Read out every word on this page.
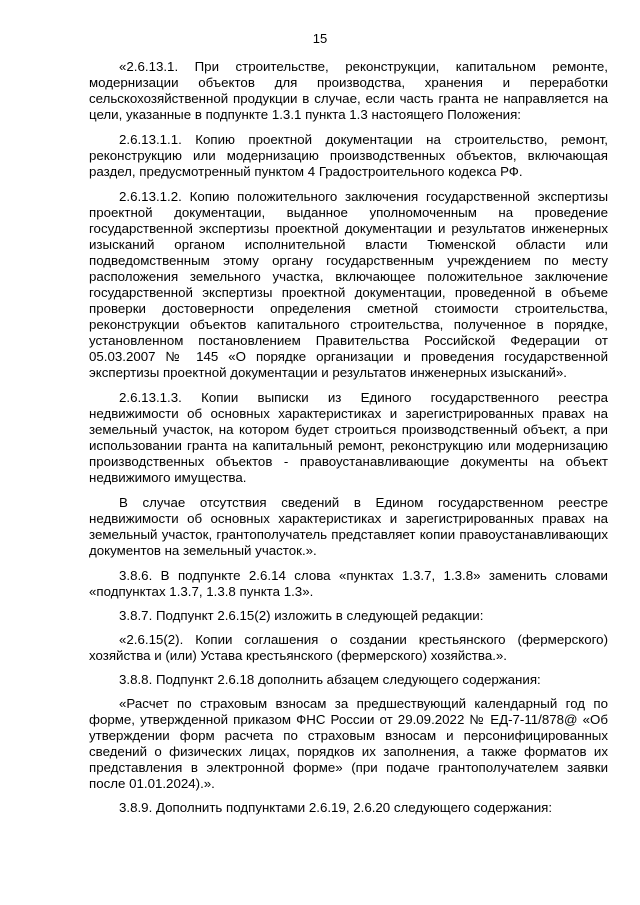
15

«2.6.13.1. При строительстве, реконструкции, капитальном ремонте, модернизации объектов для производства, хранения и переработки сельскохозяйственной продукции в случае, если часть гранта не направляется на цели, указанные в подпункте 1.3.1 пункта 1.3 настоящего Положения:

2.6.13.1.1. Копию проектной документации на строительство, ремонт, реконструкцию или модернизацию производственных объектов, включающая раздел, предусмотренный пунктом 4 Градостроительного кодекса РФ.

2.6.13.1.2. Копию положительного заключения государственной экспертизы проектной документации, выданное уполномоченным на проведение государственной экспертизы проектной документации и результатов инженерных изысканий органом исполнительной власти Тюменской области или подведомственным этому органу государственным учреждением по месту расположения земельного участка, включающее положительное заключение государственной экспертизы проектной документации, проведенной в объеме проверки достоверности определения сметной стоимости строительства, реконструкции объектов капитального строительства, полученное в порядке, установленном постановлением Правительства Российской Федерации от 05.03.2007 № 145 «О порядке организации и проведения государственной экспертизы проектной документации и результатов инженерных изысканий».

2.6.13.1.3. Копии выписки из Единого государственного реестра недвижимости об основных характеристиках и зарегистрированных правах на земельный участок, на котором будет строиться производственный объект, а при использовании гранта на капитальный ремонт, реконструкцию или модернизацию производственных объектов - правоустанавливающие документы на объект недвижимого имущества.

В случае отсутствия сведений в Едином государственном реестре недвижимости об основных характеристиках и зарегистрированных правах на земельный участок, грантополучатель представляет копии правоустанавливающих документов на земельный участок.».

3.8.6. В подпункте 2.6.14 слова «пунктах 1.3.7, 1.3.8» заменить словами «подпунктах 1.3.7, 1.3.8 пункта 1.3».

3.8.7. Подпункт 2.6.15(2) изложить в следующей редакции:

«2.6.15(2). Копии соглашения о создании крестьянского (фермерского) хозяйства и (или) Устава крестьянского (фермерского) хозяйства.».

3.8.8. Подпункт 2.6.18 дополнить абзацем следующего содержания:

«Расчет по страховым взносам за предшествующий календарный год по форме, утвержденной приказом ФНС России от 29.09.2022 № ЕД-7-11/878@ «Об утверждении форм расчета по страховым взносам и персонифицированных сведений о физических лицах, порядков их заполнения, а также форматов их представления в электронной форме» (при подаче грантополучателем заявки после 01.01.2024).».

3.8.9. Дополнить подпунктами 2.6.19, 2.6.20 следующего содержания:
